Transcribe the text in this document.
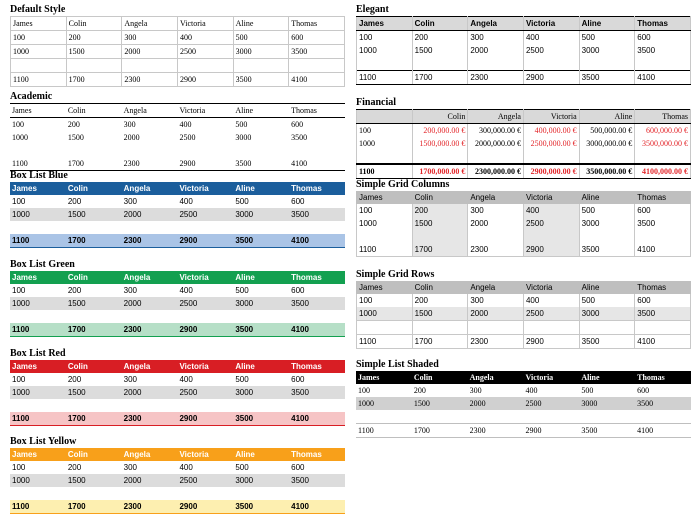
Default Style
James	Colin	Angela	Victoria	Aline	Thomas
100	200	300	400	500	600
1000	1500	2000	2500	3000	3500

1100	1700	2300	2900	3500	4100
Academic
James	Colin	Angela	Victoria	Aline	Thomas
100	200	300	400	500	600
1000	1500	2000	2500	3000	3500

1100	1700	2300	2900	3500	4100
Box List Blue
James	Colin	Angela	Victoria	Aline	Thomas
100	200	300	400	500	600
1000	1500	2000	2500	3000	3500

1100	1700	2300	2900	3500	4100
Box List Green
James	Colin	Angela	Victoria	Aline	Thomas
100	200	300	400	500	600
1000	1500	2000	2500	3000	3500

1100	1700	2300	2900	3500	4100
Box List Red
James	Colin	Angela	Victoria	Aline	Thomas
100	200	300	400	500	600
1000	1500	2000	2500	3000	3500

1100	1700	2300	2900	3500	4100
Box List Yellow
James	Colin	Angela	Victoria	Aline	Thomas
100	200	300	400	500	600
1000	1500	2000	2500	3000	3500

1100	1700	2300	2900	3500	4100
Elegant
James	Colin	Angela	Victoria	Aline	Thomas
100	200	300	400	500	600
1000	1500	2000	2500	3000	3500

1100	1700	2300	2900	3500	4100
Financial
	Colin	Angela	Victoria	Aline	Thomas
100	200,000.00 €	300,000.00 €	400,000.00 €	500,000.00 €	600,000.00 €
1000	1500,000.00 €	2000,000.00 €	2500,000.00 €	3000,000.00 €	3500,000.00 €

1100	1700,000.00 €	2300,000.00 €	2900,000.00 €	3500,000.00 €	4100,000.00 €
Simple Grid Columns
James	Colin	Angela	Victoria	Aline	Thomas
100	200	300	400	500	600
1000	1500	2000	2500	3000	3500

1100	1700	2300	2900	3500	4100
Simple Grid Rows
James	Colin	Angela	Victoria	Aline	Thomas
100	200	300	400	500	600
1000	1500	2000	2500	3000	3500

1100	1700	2300	2900	3500	4100
Simple List Shaded
James	Colin	Angela	Victoria	Aline	Thomas
100	200	300	400	500	600
1000	1500	2000	2500	3000	3500

1100	1700	2300	2900	3500	4100
